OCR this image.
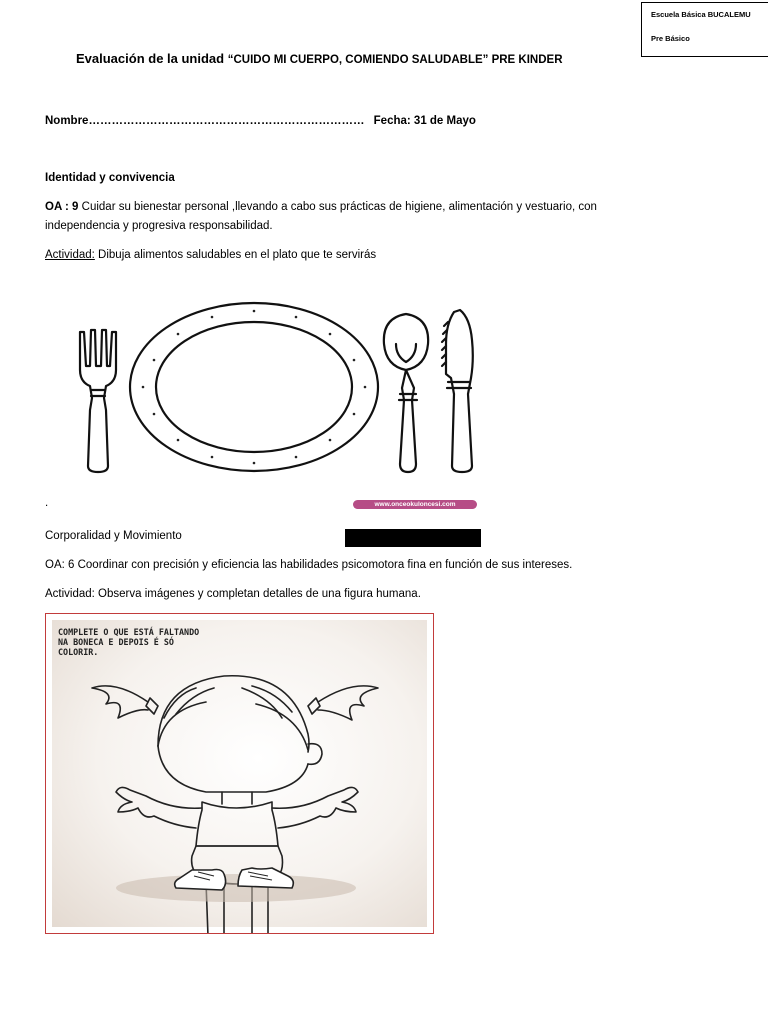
Escuela Básica BUCALEMU
Pre Básico
Evaluación de la unidad “CUIDO MI CUERPO, COMIENDO SALUDABLE” PRE KINDER
Nombre……………………………………………………………… Fecha: 31 de Mayo
Identidad y convivencia
OA : 9 Cuidar su bienestar personal ,llevando a cabo sus prácticas de higiene, alimentación y vestuario, con
independencia y progresiva responsabilidad.
Actividad: Dibuja alimentos saludables en el plato que te servirás
.	www.onceokuloncesi.com
Corporalidad y Movimiento
OA: 6 Coordinar con precisión y eficiencia las habilidades psicomotora fina en función de sus intereses.
Actividad: Observa imágenes y completan detalles de una figura humana.
COMPLETE O QUE ESTÁ FALTANDO
NA BONECA E DEPOIS É SÓ
COLORIR.
